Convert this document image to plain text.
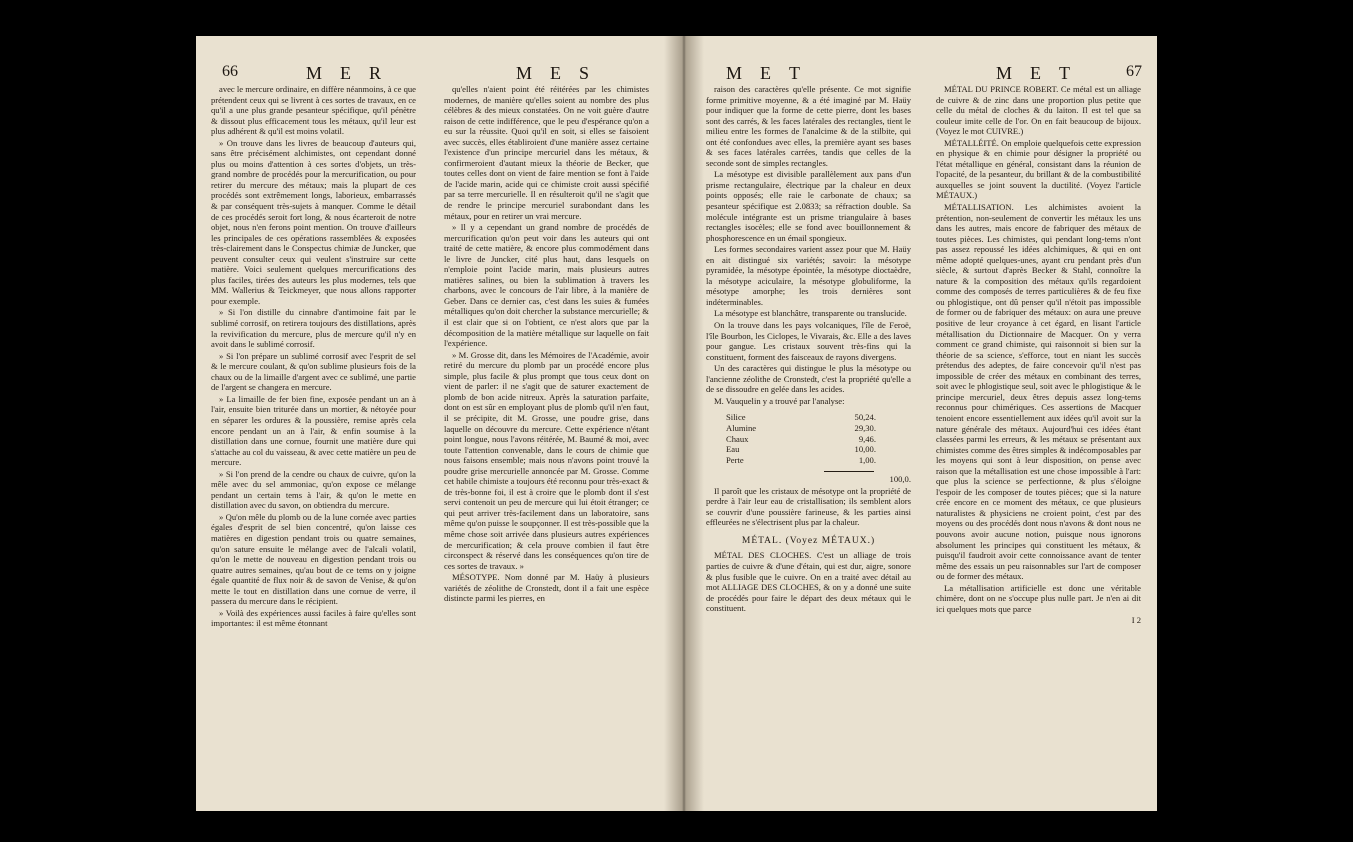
66	MER	MES

avec le mercure ordinaire, en diffère néanmoins, à ce que prétendent ceux qui se livrent à ces sortes de travaux, en ce qu'il a une plus grande pesanteur spécifique, qu'il pénètre & dissout plus efficacement tous les métaux, qu'il leur est plus adhérent & qu'il est moins volatil.

» On trouve dans les livres de beaucoup d'auteurs qui, sans être précisément alchimistes, ont cependant donné plus ou moins d'attention à ces sortes d'objets, un très-grand nombre de procédés pour la mercurification, ou pour retirer du mercure des métaux; mais la plupart de ces procédés sont extrêmement longs, laborieux, embarrassés & par conséquent très-sujets à manquer. Comme le détail de ces procédés seroit fort long, & nous écarteroit de notre objet, nous n'en ferons point mention. On trouve d'ailleurs les principales de ces opérations rassemblées & exposées très-clairement dans le Conspectus chimiæ de Juncker, que peuvent consulter ceux qui veulent s'instruire sur cette matière. Voici seulement quelques mercurifications des plus faciles, tirées des auteurs les plus modernes, tels que MM. Wallerius & Teickmeyer, que nous allons rapporter pour exemple.

» Si l'on distille du cinnabre d'antimoine fait par le sublimé corrosif, on retirera toujours des distillations, après la revivification du mercure, plus de mercure qu'il n'y en avoit dans le sublimé corrosif.

» Si l'on prépare un sublimé corrosif avec l'esprit de sel & le mercure coulant, & qu'on sublime plusieurs fois de la chaux ou de la limaille d'argent avec ce sublimé, une partie de l'argent se changera en mercure.

» La limaille de fer bien fine, exposée pendant un an à l'air, ensuite bien triturée dans un mortier, & nétoyée pour en séparer les ordures & la poussière, remise après cela encore pendant un an à l'air, & enfin soumise à la distillation dans une cornue, fournit une matière dure qui s'attache au col du vaisseau, & avec cette matière un peu de mercure.

» Si l'on prend de la cendre ou chaux de cuivre, qu'on la mêle avec du sel ammoniac, qu'on expose ce mélange pendant un certain tems à l'air, & qu'on le mette en distillation avec du savon, on obtiendra du mercure.

» Qu'on mêle du plomb ou de la lune cornée avec parties égales d'esprit de sel bien concentré, qu'on laisse ces matières en digestion pendant trois ou quatre semaines, qu'on sature ensuite le mélange avec de l'alcali volatil, qu'on le mette de nouveau en digestion pendant trois ou quatre autres semaines, qu'au bout de ce tems on y joigne égale quantité de flux noir & de savon de Venise, & qu'on mette le tout en distillation dans une cornue de verre, il passera du mercure dans le récipient.

» Voilà des expériences aussi faciles à faire qu'elles sont importantes: il est même étonnant

qu'elles n'aient point été réitérées par les chimistes modernes, de manière qu'elles soient au nombre des plus célèbres & des mieux constatées. On ne voit guère d'autre raison de cette indifférence, que le peu d'espérance qu'on a eu sur la réussite. Quoi qu'il en soit, si elles se faisoient avec succès, elles établiroient d'une manière assez certaine l'existence d'un principe mercuriel dans les métaux, & confirmeroient d'autant mieux la théorie de Becker, que toutes celles dont on vient de faire mention se font à l'aide de l'acide marin, acide qui ce chimiste croit aussi spécifié par sa terre mercurielle. Il en résulteroit qu'il ne s'agit que de rendre le principe mercuriel surabondant dans les métaux, pour en retirer un vrai mercure.

» Il y a cependant un grand nombre de procédés de mercurification qu'on peut voir dans les auteurs qui ont traité de cette matière, & encore plus commodément dans le livre de Juncker, cité plus haut, dans lesquels on n'emploie point l'acide marin, mais plusieurs autres matières salines, ou bien la sublimation à travers les charbons, avec le concours de l'air libre, à la manière de Geber. Dans ce dernier cas, c'est dans les suies & fumées métalliques qu'on doit chercher la substance mercurielle; & il est clair que si on l'obtient, ce n'est alors que par la décomposition de la matière métallique sur laquelle on fait l'expérience.

» M. Grosse dit, dans les Mémoires de l'Académie, avoir retiré du mercure du plomb par un procédé encore plus simple, plus facile & plus prompt que tous ceux dont on vient de parler: il ne s'agit que de saturer exactement de plomb de bon acide nitreux. Après la saturation parfaite, dont on est sûr en employant plus de plomb qu'il n'en faut, il se précipite, dit M. Grosse, une poudre grise, dans laquelle on découvre du mercure. Cette expérience n'étant point longue, nous l'avons réitérée, M. Baumé & moi, avec toute l'attention convenable, dans le cours de chimie que nous faisons ensemble; mais nous n'avons point trouvé la poudre grise mercurielle annoncée par M. Grosse. Comme cet habile chimiste a toujours été reconnu pour très-exact & de très-bonne foi, il est à croire que le plomb dont il s'est servi contenoit un peu de mercure qui lui étoit étranger; ce qui peut arriver très-facilement dans un laboratoire, sans même qu'on puisse le soupçonner. Il est très-possible que la même chose soit arrivée dans plusieurs autres expériences de mercurification; & cela prouve combien il faut être circonspect & réservé dans les conséquences qu'on tire de ces sortes de travaux. »

MÉSOTYPE. Nom donné par M. Haüy à plusieurs variétés de zéolithe de Cronstedt, dont il a fait une espèce distincte parmi les pierres, en

MET	MET 67

raison des caractères qu'elle présente. Ce mot signifie forme primitive moyenne, & a été imaginé par M. Haüy pour indiquer que la forme de cette pierre, dont les bases sont des carrés, & les faces latérales des rectangles, tient le milieu entre les formes de l'analcime & de la stilbite, qui ont été confondues avec elles, la première ayant ses bases & ses faces latérales carrées, tandis que celles de la seconde sont de simples rectangles.

La mésotype est divisible parallèlement aux pans d'un prisme rectangulaire, électrique par la chaleur en deux points opposés; elle raie le carbonate de chaux; sa pesanteur spécifique est 2.0833; sa réfraction double. Sa molécule intégrante est un prisme triangulaire à bases rectangles isocèles; elle se fond avec bouillonnement & phosphorescence en un émail spongieux.

Les formes secondaires varient assez pour que M. Haüy en ait distingué six variétés; savoir: la mésotype pyramidée, la mésotype épointée, la mésotype dioctaèdre, la mésotype aciculaire, la mésotype globuliforme, la mésotype amorphe; les trois dernières sont indéterminables.

La mésotype est blanchâtre, transparente ou translucide.

On la trouve dans les pays volcaniques, l'île de Feroë, l'île Bourbon, les Ciclopes, le Vivarais, &c. Elle a des laves pour gangue. Les cristaux souvent très-fins qui la constituent, forment des faisceaux de rayons divergens.

Un des caractères qui distingue le plus la mésotype ou l'ancienne zéolithe de Cronstedt, c'est la propriété qu'elle a de se dissoudre en gelée dans les acides.

M. Vauquelin y a trouvé par l'analyse:

Silice	50,24.
Alumine	29,30.
Chaux	9,46.
Eau	10,00.
Perte	1,00.

100,0.

Il paroît que les cristaux de mésotype ont la propriété de perdre à l'air leur eau de cristallisation; ils semblent alors se couvrir d'une poussière farineuse, & les parties ainsi effleurées ne s'électrisent plus par la chaleur.

MÉTAL. (Voyez MÉTAUX.)

MÉTAL DES CLOCHES. C'est un alliage de trois parties de cuivre & d'une d'étain, qui est dur, aigre, sonore & plus fusible que le cuivre. On en a traité avec détail au mot ALLIAGE DES CLOCHES, & on y a donné une suite de procédés pour faire le départ des deux métaux qui le constituent.

MÉTAL DU PRINCE ROBERT. Ce métal est un alliage de cuivre & de zinc dans une proportion plus petite que celle du métal de cloches & du laiton. Il est tel que sa couleur imite celle de l'or. On en fait beaucoup de bijoux. (Voyez le mot CUIVRE.)

MÉTALLÉITÉ. On emploie quelquefois cette expression en physique & en chimie pour désigner la propriété ou l'état métallique en général, consistant dans la réunion de l'opacité, de la pesanteur, du brillant & de la combustibilité auxquelles se joint souvent la ductilité. (Voyez l'article MÉTAUX.)

MÉTALLISATION. Les alchimistes avoient la prétention, non-seulement de convertir les métaux les uns dans les autres, mais encore de fabriquer des métaux de toutes pièces. Les chimistes, qui pendant long-tems n'ont pas assez repoussé les idées alchimiques, & qui en ont même adopté quelques-unes, ayant cru pendant près d'un siècle, & surtout d'après Becker & Stahl, connoître la nature & la composition des métaux qu'ils regardoient comme des composés de terres particulières & de feu fixe ou phlogistique, ont dû penser qu'il n'étoit pas impossible de former ou de fabriquer des métaux: on aura une preuve positive de leur croyance à cet égard, en lisant l'article métallisation du Dictionnaire de Macquer. On y verra comment ce grand chimiste, qui raisonnoit si bien sur la théorie de sa science, s'efforce, tout en niant les succès prétendus des adeptes, de faire concevoir qu'il n'est pas impossible de créer des métaux en combinant des terres, soit avec le phlogistique seul, soit avec le phlogistique & le principe mercuriel, deux êtres depuis assez long-tems reconnus pour chimériques. Ces assertions de Macquer tenoient encore essentiellement aux idées qu'il avoit sur la nature générale des métaux. Aujourd'hui ces idées étant classées parmi les erreurs, & les métaux se présentant aux chimistes comme des êtres simples & indécomposables par les moyens qui sont à leur disposition, on pense avec raison que la métallisation est une chose impossible à l'art: que plus la science se perfectionne, & plus s'éloigne l'espoir de les composer de toutes pièces; que si la nature crée encore en ce moment des métaux, ce que plusieurs naturalistes & physiciens ne croient point, c'est par des moyens ou des procédés dont nous n'avons & dont nous ne pouvons avoir aucune notion, puisque nous ignorons absolument les principes qui constituent les métaux, & puisqu'il faudroit avoir cette connoissance avant de tenter même des essais un peu raisonnables sur l'art de composer ou de former des métaux.

La métallisation artificielle est donc une véritable chimère, dont on ne s'occupe plus nulle part. Je n'en ai dit ici quelques mots que parce

I 2
